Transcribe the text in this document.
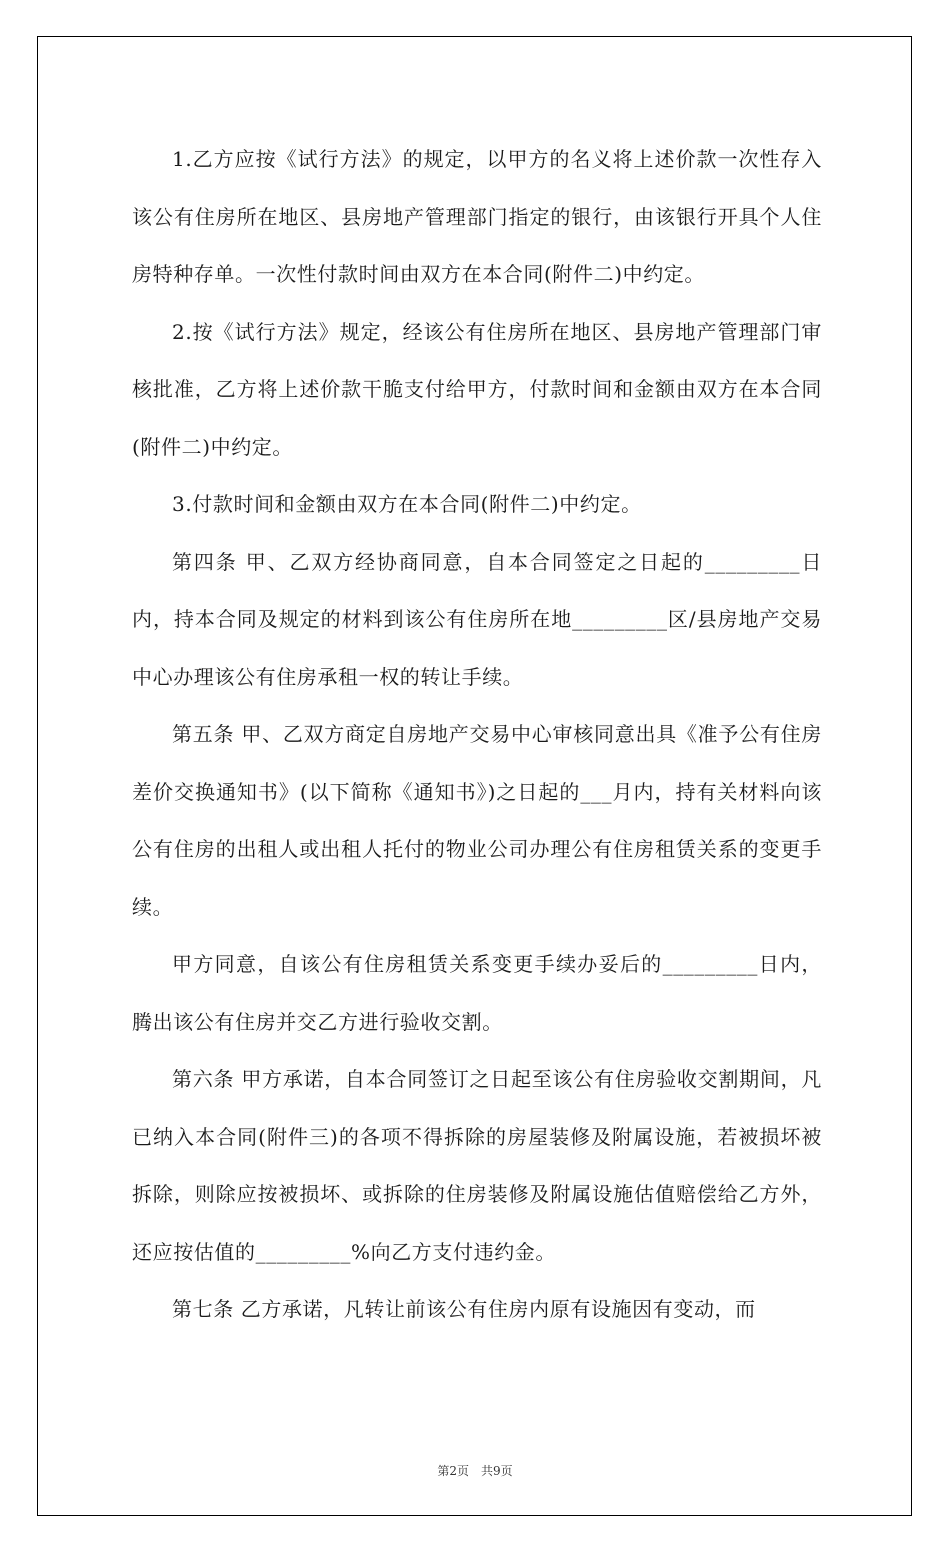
1.乙方应按《试行方法》的规定，以甲方的名义将上述价款一次性存入该公有住房所在地区、县房地产管理部门指定的银行，由该银行开具个人住房特种存单。一次性付款时间由双方在本合同(附件二)中约定。

2.按《试行方法》规定，经该公有住房所在地区、县房地产管理部门审核批准，乙方将上述价款干脆支付给甲方，付款时间和金额由双方在本合同(附件二)中约定。

3.付款时间和金额由双方在本合同(附件二)中约定。

第四条 甲、乙双方经协商同意，自本合同签定之日起的_________日内，持本合同及规定的材料到该公有住房所在地_________区/县房地产交易中心办理该公有住房承租一权的转让手续。

第五条 甲、乙双方商定自房地产交易中心审核同意出具《准予公有住房差价交换通知书》(以下简称《通知书》)之日起的___月内，持有关材料向该公有住房的出租人或出租人托付的物业公司办理公有住房租赁关系的变更手续。

甲方同意，自该公有住房租赁关系变更手续办妥后的_________日内，腾出该公有住房并交乙方进行验收交割。

第六条 甲方承诺，自本合同签订之日起至该公有住房验收交割期间，凡已纳入本合同(附件三)的各项不得拆除的房屋装修及附属设施，若被损坏被拆除，则除应按被损坏、或拆除的住房装修及附属设施估值赔偿给乙方外，还应按估值的_________%向乙方支付违约金。

第七条 乙方承诺，凡转让前该公有住房内原有设施因有变动，而

第2页　共9页
